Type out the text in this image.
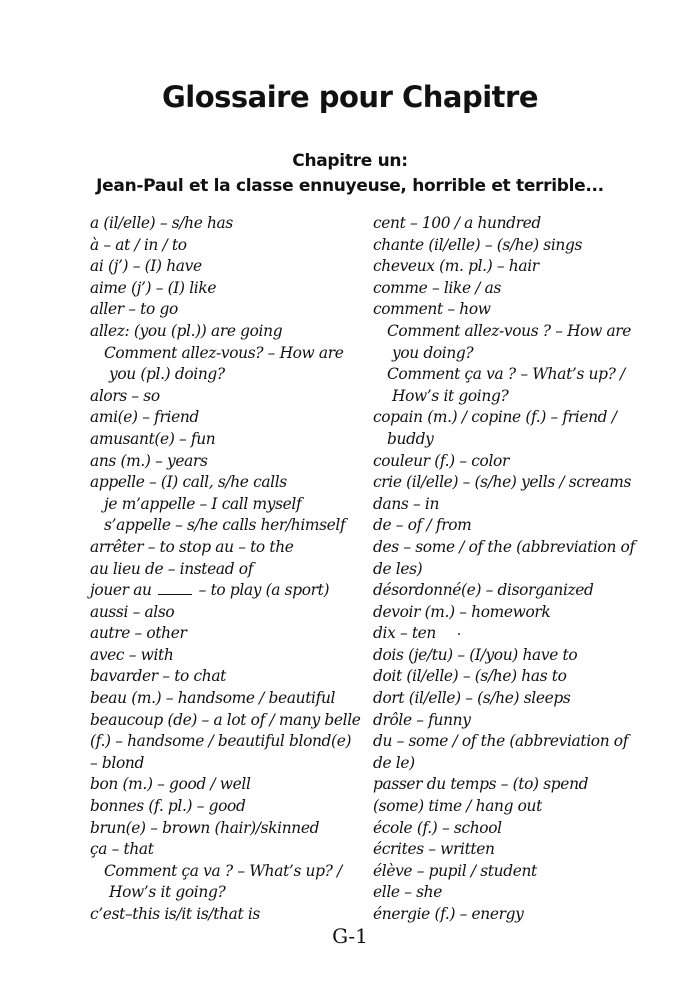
Glossaire pour Chapitre
Chapitre un:
Jean-Paul et la classe ennuyeuse, horrible et terrible...
a (il/elle) – s/he has
à – at / in / to
ai (j’) – (I) have
aime (j’) – (I) like
aller – to go
allez: (you (pl.)) are going
Comment allez-vous? – How are
you (pl.) doing?
alors – so
ami(e) – friend
amusant(e) – fun
ans (m.) – years
appelle – (I) call, s/he calls
je m’appelle – I call myself
s’appelle – s/he calls her/himself
arrêter – to stop au – to the
au lieu de – instead of
jouer au  – to play (a sport)
aussi – also
autre – other
avec – with
bavarder – to chat
beau (m.) – handsome / beautiful
beaucoup (de) – a lot of / many belle
(f.) – handsome / beautiful blond(e)
– blond
bon (m.) – good / well
bonnes (f. pl.) – good
brun(e) – brown (hair)/skinned
ça – that
Comment ça va ? – What’s up? /
How’s it going?
c’est–this is/it is/that is
cent – 100 / a hundred
chante (il/elle) – (s/he) sings
cheveux (m. pl.) – hair
comme – like / as
comment – how
Comment allez-vous ? – How are
you doing?
Comment ça va ? – What’s up? /
How’s it going?
copain (m.) / copine (f.) – friend /
buddy
couleur (f.) – color
crie (il/elle) – (s/he) yells / screams
dans – in
de – of / from
des – some / of the (abbreviation of
de les)
désordonné(e) – disorganized
devoir (m.) – homework
dix – ten
dois (je/tu) – (I/you) have to
doit (il/elle) – (s/he) has to
dort (il/elle) – (s/he) sleeps
drôle – funny
du – some / of the (abbreviation of
de le)
passer du temps – (to) spend
(some) time / hang out
école (f.) – school
écrites – written
élève – pupil / student
elle – she
énergie (f.) – energy
G-1
